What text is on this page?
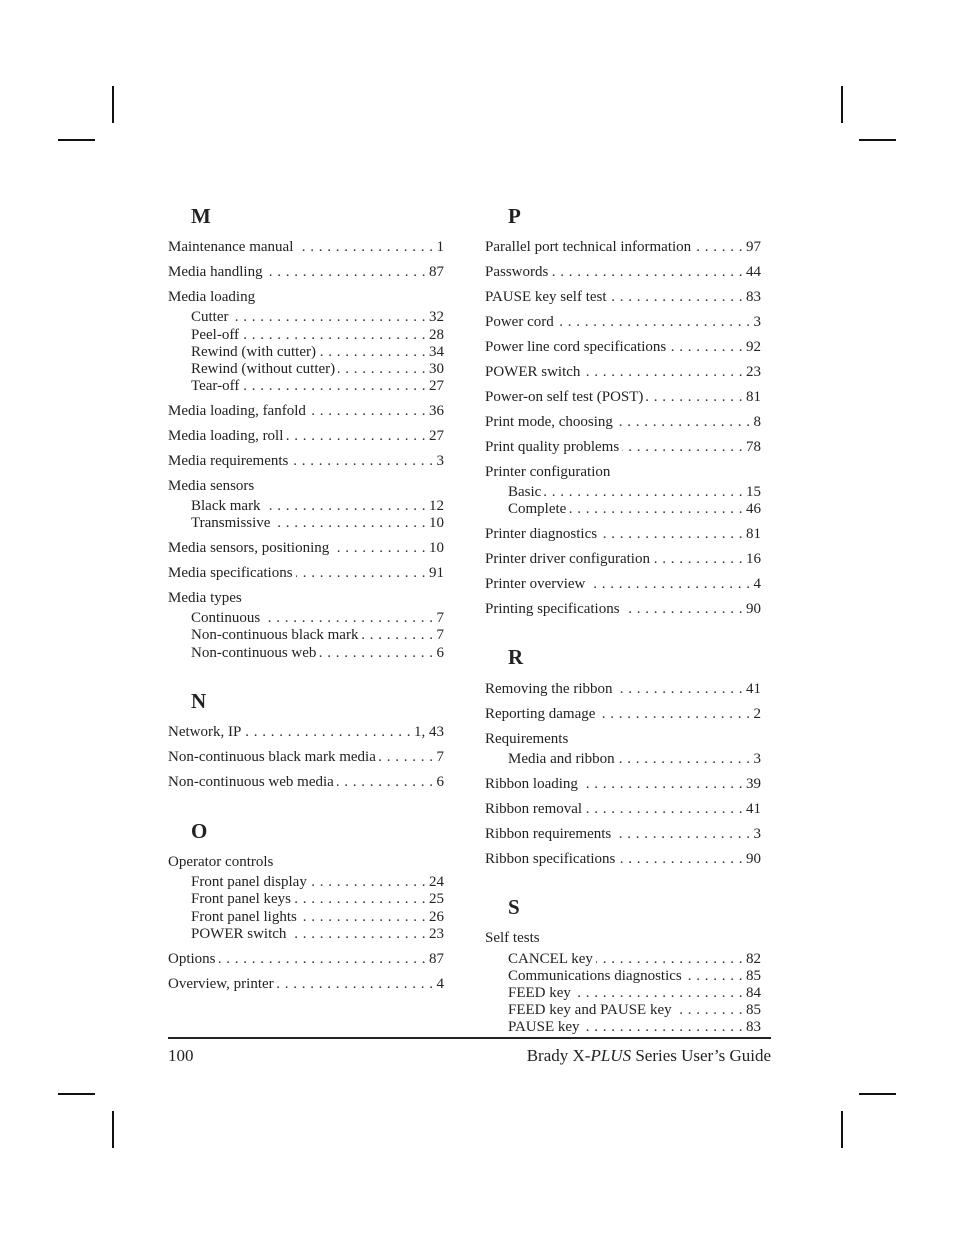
M
Maintenance manual . . .	1
Media handling . . .	87
Media loading
Cutter . . .	32
Peel-off . . .	28
Rewind (with cutter) . . .	34
Rewind (without cutter) . . .	30
Tear-off . . .	27
Media loading, fanfold . . .	36
Media loading, roll . . .	27
Media requirements . . .	3
Media sensors
Black mark . . .	12
Transmissive . . .	10
Media sensors, positioning . . .	10
Media specifications . . .	91
Media types
Continuous . . .	7
Non-continuous black mark . . .	7
Non-continuous web . . .	6
N
Network, IP . . .	1, 43
Non-continuous black mark media . . .	7
Non-continuous web media . . .	6
O
Operator controls
Front panel display . . .	24
Front panel keys . . .	25
Front panel lights . . .	26
POWER switch . . .	23
Options . . .	87
Overview, printer . . .	4
P
Parallel port technical information . . .	97
Passwords . . .	44
PAUSE key self test . . .	83
Power cord . . .	3
Power line cord specifications . . .	92
POWER switch . . .	23
Power-on self test (POST) . . .	81
Print mode, choosing . . .	8
Print quality problems . . .	78
Printer configuration
Basic . . .	15
Complete . . .	46
Printer diagnostics . . .	81
Printer driver configuration . . .	16
Printer overview . . .	4
Printing specifications . . .	90
R
Removing the ribbon . . .	41
Reporting damage . . .	2
Requirements
Media and ribbon . . .	3
Ribbon loading . . .	39
Ribbon removal . . .	41
Ribbon requirements . . .	3
Ribbon specifications . . .	90
S
Self tests
CANCEL key . . .	82
Communications diagnostics . . .	85
FEED key . . .	84
FEED key and PAUSE key . . .	85
PAUSE key . . .	83
100	Brady X-PLUS Series User’s Guide
